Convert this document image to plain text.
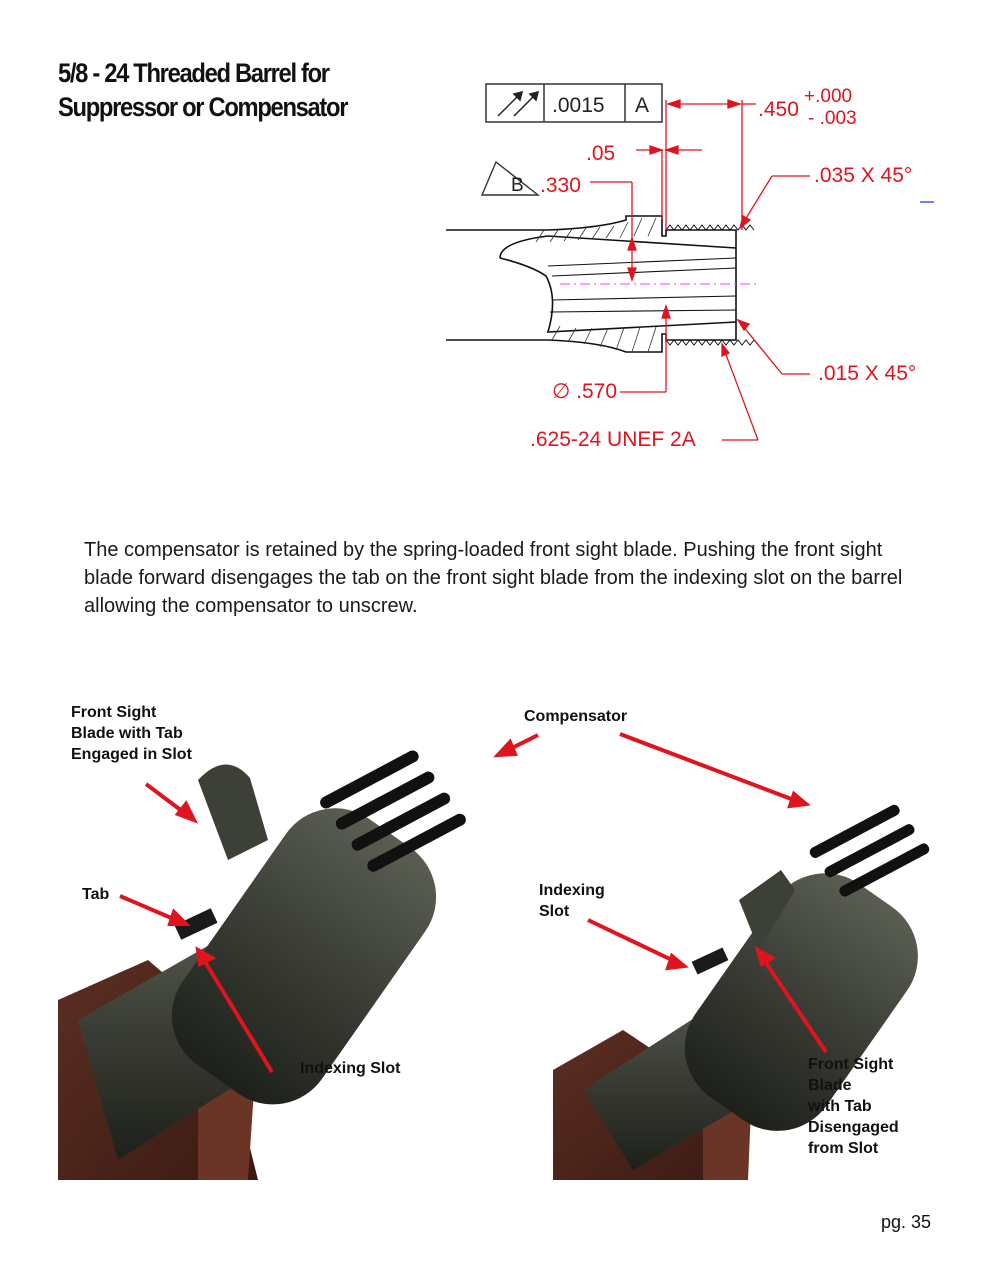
5/8 - 24 Threaded Barrel for
Suppressor or Compensator	.0015 A
B
.450
+.000
- .003
.05
.330	.035 X 45°
.015 X 45°
∅ .570
.625-24 UNEF 2A

The compensator is retained by the spring-loaded front sight blade. Pushing the front sight blade forward disengages the tab on the front sight blade from the indexing slot on the barrel allowing the compensator to unscrew.

Front Sight
Blade with Tab
Engaged in Slot
Compensator
Tab
Indexing Slot
Indexing
Slot
Front Sight
Blade
with Tab
Disengaged
from Slot
pg. 35
